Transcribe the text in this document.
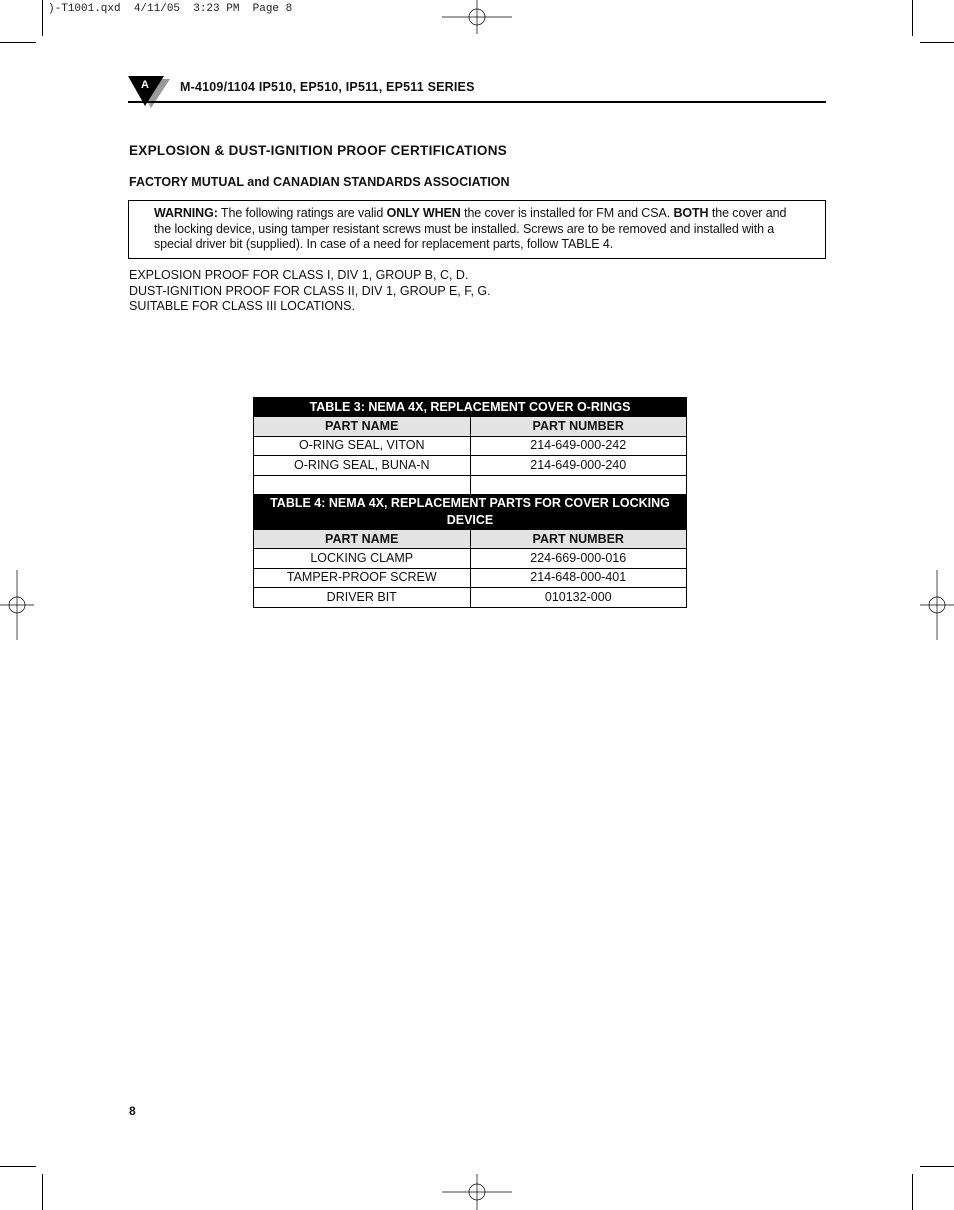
)-T1001.qxd  4/11/05  3:23 PM  Page 8
A M-4109/1104 IP510, EP510, IP511, EP511 SERIES
EXPLOSION & DUST-IGNITION PROOF CERTIFICATIONS
FACTORY MUTUAL and CANADIAN STANDARDS ASSOCIATION
WARNING: The following ratings are valid ONLY WHEN the cover is installed for FM and CSA. BOTH the cover and the locking device, using tamper resistant screws must be installed. Screws are to be removed and installed with a special driver bit (supplied). In case of a need for replacement parts, follow TABLE 4.
EXPLOSION PROOF FOR CLASS I, DIV 1, GROUP B, C, D.
DUST-IGNITION PROOF FOR CLASS II, DIV 1, GROUP E, F, G.
SUITABLE FOR CLASS III LOCATIONS.
TABLE 3: NEMA 4X, REPLACEMENT COVER O-RINGS	
PART NAME	PART NUMBER
O-RING SEAL, VITON	214-649-000-242
O-RING SEAL, BUNA-N	214-649-000-240

TABLE 4: NEMA 4X, REPLACEMENT PARTS FOR COVER LOCKING DEVICE	
PART NAME	PART NUMBER
LOCKING CLAMP	224-669-000-016
TAMPER-PROOF SCREW	214-648-000-401
DRIVER BIT	010132-000
8
